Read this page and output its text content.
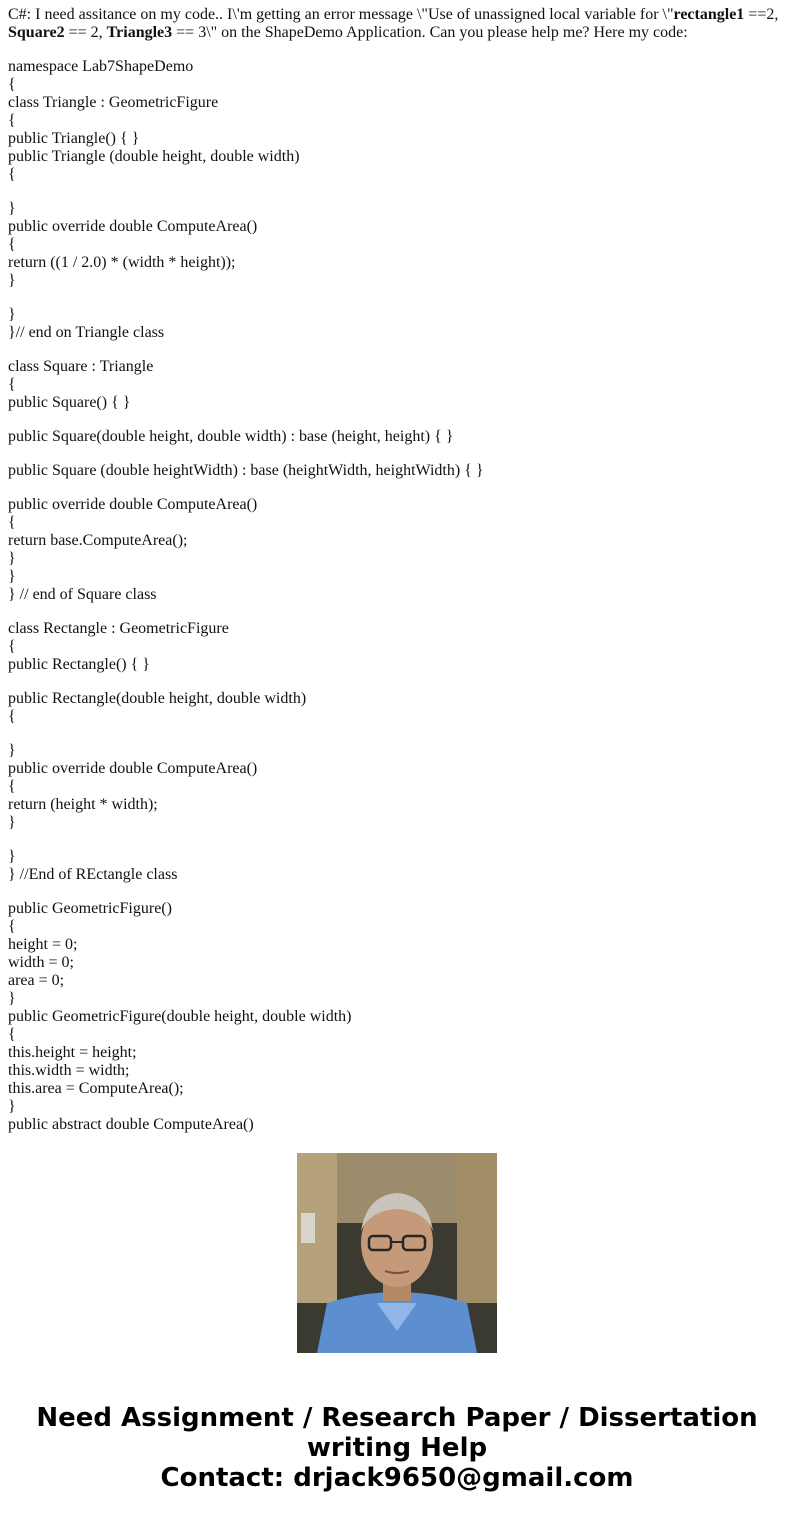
C#: I need assitance on my code.. I\'m getting an error message \"Use of unassigned local variable for \"rectangle1 ==2, Square2 == 2, Triangle3 == 3\" on the ShapeDemo Application. Can you please help me? Here my code:

namespace Lab7ShapeDemo
{
class Triangle : GeometricFigure
{
public Triangle() { }
public Triangle (double height, double width)
{
}
public override double ComputeArea()
{
return ((1 / 2.0) * (width * height));
}
}
}// end on Triangle class
class Square : Triangle
{
public Square() { }
public Square(double height, double width) : base (height, height) { }
public Square (double heightWidth) : base (heightWidth, heightWidth) { }
public override double ComputeArea()
{
return base.ComputeArea();
}
}
} // end of Square class
class Rectangle : GeometricFigure
{
public Rectangle() { }
public Rectangle(double height, double width)
{
}
public override double ComputeArea()
{
return (height * width);
}
}
} //End of REctangle class
public GeometricFigure()
{
height = 0;
width = 0;
area = 0;
}
public GeometricFigure(double height, double width)
{
this.height = height;
this.width = width;
this.area = ComputeArea();
}
public abstract double ComputeArea()
Need Assignment / Research Paper / Dissertation
writing Help
Contact: drjack9650@gmail.com
